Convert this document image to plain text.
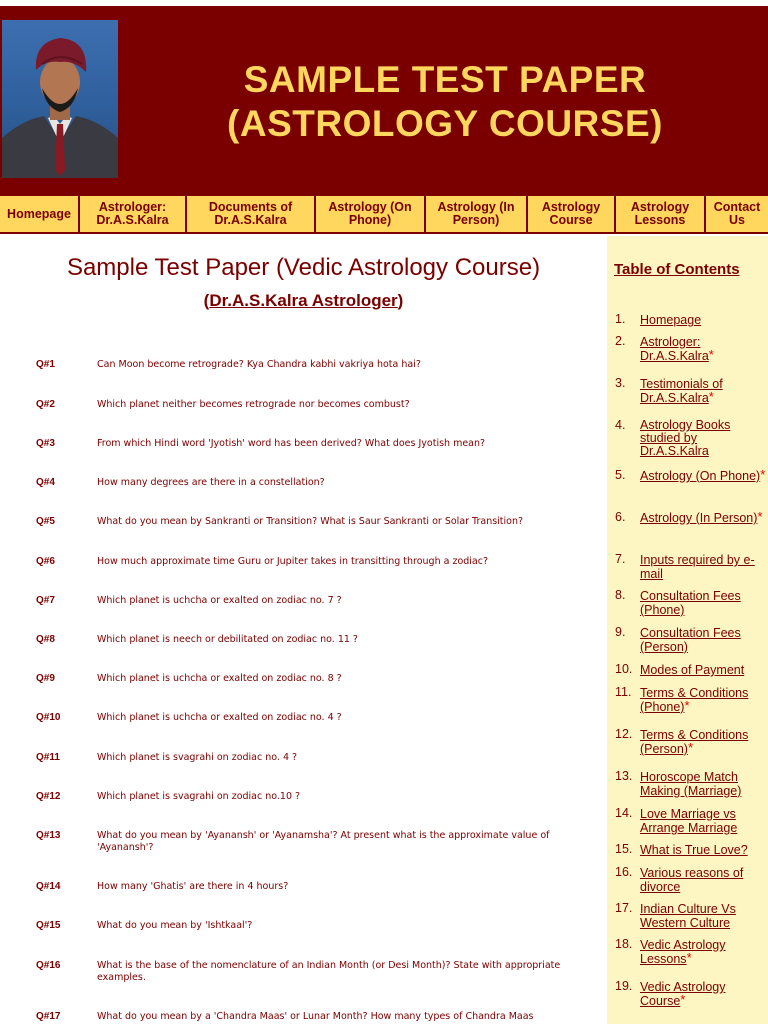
SAMPLE TEST PAPER
(ASTROLOGY COURSE)
Homepage	Astrologer: Dr.A.S.Kalra
Documents of Dr.A.S.Kalra
Astrology (On Phone)
Astrology (In Person)
Astrology Course
Astrology Lessons
Contact Us
Sample Test Paper (Vedic Astrology Course)
(Dr.A.S.Kalra Astrologer)
Q#1	Can Moon become retrograde? Kya Chandra kabhi vakriya hota hai?
Q#2	Which planet neither becomes retrograde nor becomes combust?
Q#3	From which Hindi word 'Jyotish' word has been derived? What does Jyotish mean?
Q#4	How many degrees are there in a constellation?
Q#5	What do you mean by Sankranti or Transition? What is Saur Sankranti or Solar Transition?
Q#6	How much approximate time Guru or Jupiter takes in transitting through a zodiac?
Q#7	Which planet is uchcha or exalted on zodiac no. 7 ?
Q#8	Which planet is neech or debilitated on zodiac no. 11 ?
Q#9	Which planet is uchcha or exalted on zodiac no. 8 ?
Q#10	Which planet is uchcha or exalted on zodiac no. 4 ?
Q#11	Which planet is svagrahi on zodiac no. 4 ?
Q#12	Which planet is svagrahi on zodiac no.10 ?
Q#13	What do you mean by 'Ayanansh' or 'Ayanamsha'? At present what is the approximate value of 'Ayanansh'?
Q#14	How many 'Ghatis' are there in 4 hours?
Q#15	What do you mean by 'Ishtkaal'?
Q#16	What is the base of the nomenclature of an Indian Month (or Desi Month)? State with appropriate examples.
Q#17	What do you mean by a 'Chandra Maas' or Lunar Month? How many types of Chandra Maas
Table of Contents
1.	Homepage
2.	Astrologer: Dr.A.S.Kalra*
3.	Testimonials of Dr.A.S.Kalra*
4.	Astrology Books studied by Dr.A.S.Kalra
5.	Astrology (On Phone)*
6.	Astrology (In Person)*
7.	Inputs required by e-mail
8.	Consultation Fees (Phone)
9.	Consultation Fees (Person)
10. Modes of Payment
11. Terms & Conditions (Phone)*
12. Terms & Conditions (Person)*
13. Horoscope Match Making (Marriage)
14. Love Marriage vs Arrange Marriage
15. What is True Love?
16. Various reasons of divorce
17. Indian Culture Vs Western Culture
18. Vedic Astrology Lessons*
19. Vedic Astrology Course*
